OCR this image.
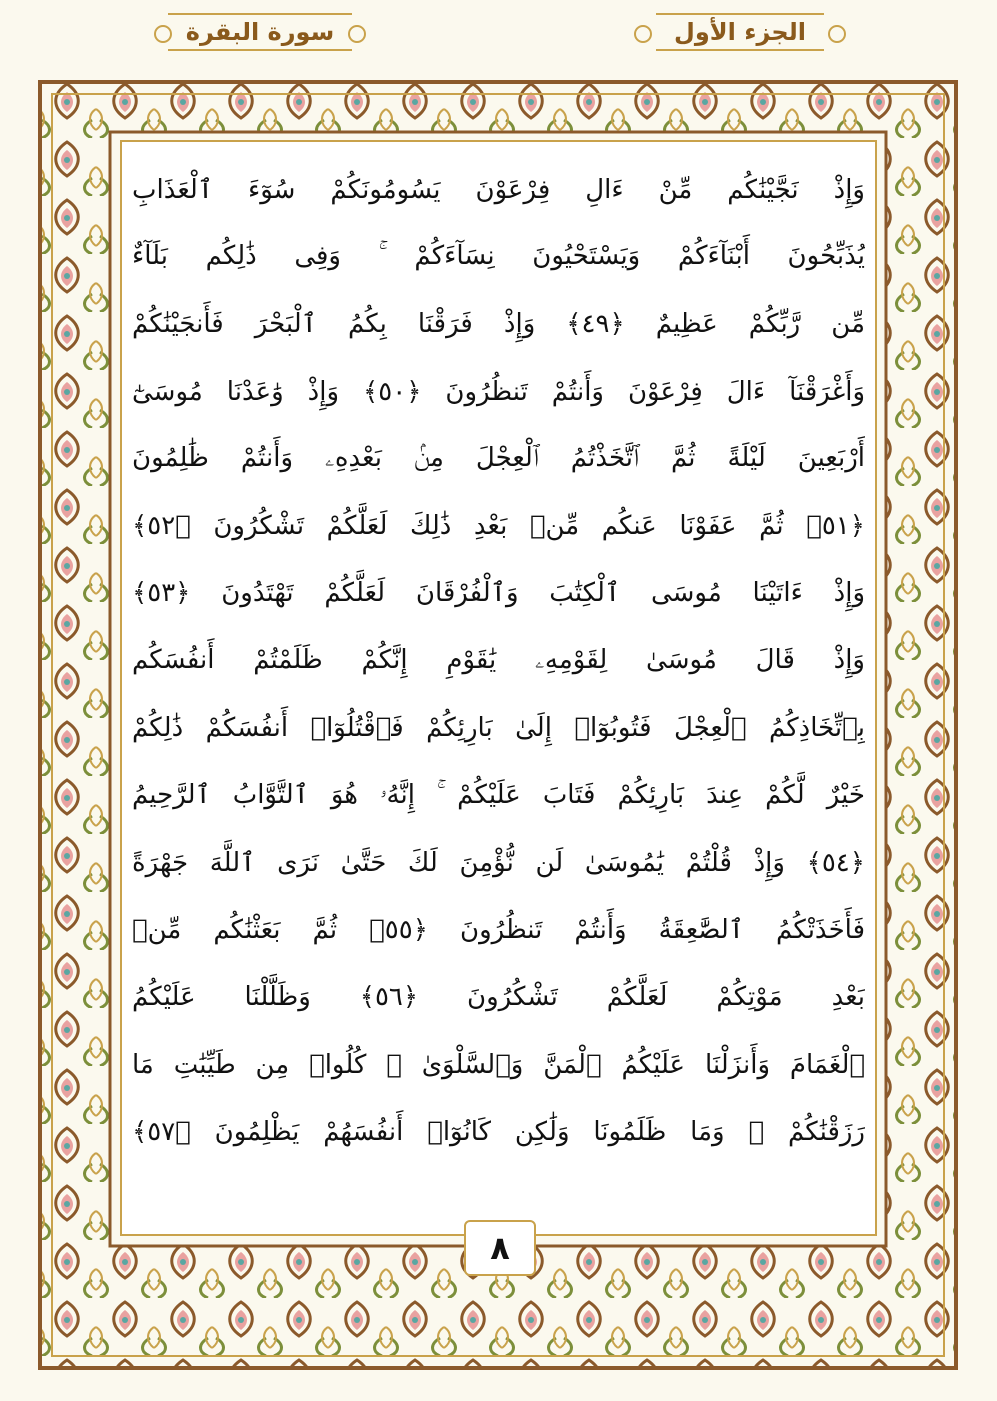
سورة البقرة	الجزء الأول
وَإِذْ نَجَّيْنَٰكُم مِّنْ ءَالِ فِرْعَوْنَ يَسُومُونَكُمْ سُوٓءَ ٱلْعَذَابِ
يُذَبِّحُونَ أَبْنَآءَكُمْ وَيَسْتَحْيُونَ نِسَآءَكُمْ ۚ وَفِى ذَٰلِكُم بَلَآءٌ
مِّن رَّبِّكُمْ عَظِيمٌ ﴿٤٩﴾ وَإِذْ فَرَقْنَا بِكُمُ ٱلْبَحْرَ فَأَنجَيْنَٰكُمْ
وَأَغْرَقْنَآ ءَالَ فِرْعَوْنَ وَأَنتُمْ تَنظُرُونَ ﴿٥٠﴾ وَإِذْ وَٰعَدْنَا مُوسَىٰٓ
أَرْبَعِينَ لَيْلَةً ثُمَّ ٱتَّخَذْتُمُ ٱلْعِجْلَ مِنۢ بَعْدِهِۦ وَأَنتُمْ ظَٰلِمُونَ
﴿٥١﴾ ثُمَّ عَفَوْنَا عَنكُم مِّنۢ بَعْدِ ذَٰلِكَ لَعَلَّكُمْ تَشْكُرُونَ ﴿٥٢﴾
وَإِذْ ءَاتَيْنَا مُوسَى ٱلْكِتَٰبَ وَٱلْفُرْقَانَ لَعَلَّكُمْ تَهْتَدُونَ ﴿٥٣﴾
وَإِذْ قَالَ مُوسَىٰ لِقَوْمِهِۦ يَٰقَوْمِ إِنَّكُمْ ظَلَمْتُمْ أَنفُسَكُم
بِٱتِّخَاذِكُمُ ٱلْعِجْلَ فَتُوبُوٓا۟ إِلَىٰ بَارِئِكُمْ فَٱقْتُلُوٓا۟ أَنفُسَكُمْ ذَٰلِكُمْ
خَيْرٌ لَّكُمْ عِندَ بَارِئِكُمْ فَتَابَ عَلَيْكُمْ ۚ إِنَّهُۥ هُوَ ٱلتَّوَّابُ ٱلرَّحِيمُ
﴿٥٤﴾ وَإِذْ قُلْتُمْ يَٰمُوسَىٰ لَن نُّؤْمِنَ لَكَ حَتَّىٰ نَرَى ٱللَّهَ جَهْرَةً
فَأَخَذَتْكُمُ ٱلصَّٰعِقَةُ وَأَنتُمْ تَنظُرُونَ ﴿٥٥﴾ ثُمَّ بَعَثْنَٰكُم مِّنۢ
بَعْدِ مَوْتِكُمْ لَعَلَّكُمْ تَشْكُرُونَ ﴿٥٦﴾ وَظَلَّلْنَا عَلَيْكُمُ
ٱلْغَمَامَ وَأَنزَلْنَا عَلَيْكُمُ ٱلْمَنَّ وَٱلسَّلْوَىٰ ۖ كُلُوا۟ مِن طَيِّبَٰتِ مَا
رَزَقْنَٰكُمْ ۖ وَمَا ظَلَمُونَا وَلَٰكِن كَانُوٓا۟ أَنفُسَهُمْ يَظْلِمُونَ ﴿٥٧﴾
٨
